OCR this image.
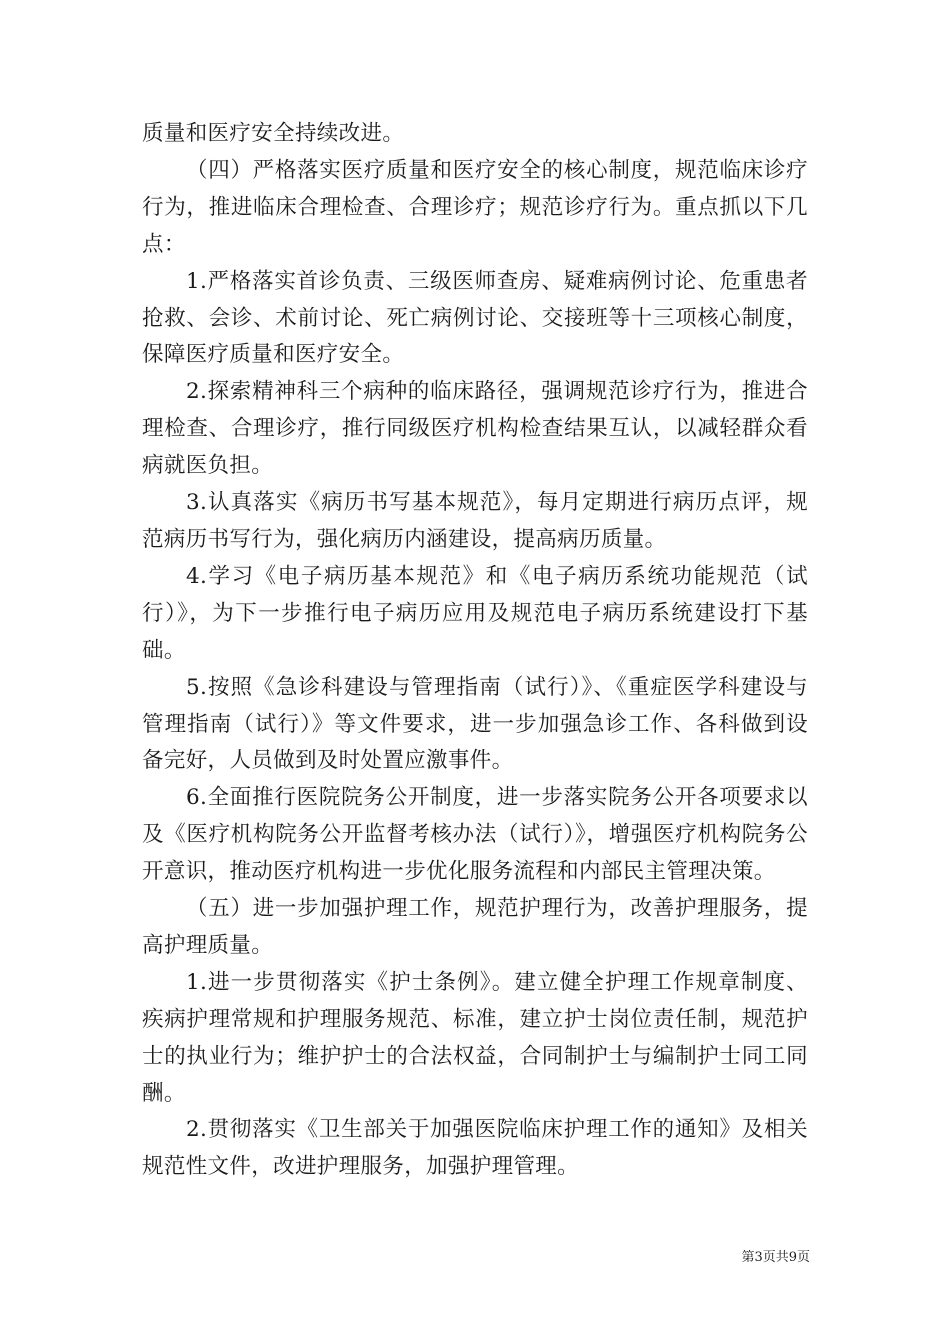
质量和医疗安全持续改进。

（四）严格落实医疗质量和医疗安全的核心制度，规范临床诊疗行为，推进临床合理检查、合理诊疗；规范诊疗行为。重点抓以下几点：

1.严格落实首诊负责、三级医师查房、疑难病例讨论、危重患者抢救、会诊、术前讨论、死亡病例讨论、交接班等十三项核心制度，保障医疗质量和医疗安全。

2.探索精神科三个病种的临床路径，强调规范诊疗行为，推进合理检查、合理诊疗，推行同级医疗机构检查结果互认，以减轻群众看病就医负担。

3.认真落实《病历书写基本规范》，每月定期进行病历点评，规范病历书写行为，强化病历内涵建设，提高病历质量。

4.学习《电子病历基本规范》和《电子病历系统功能规范（试行）》，为下一步推行电子病历应用及规范电子病历系统建设打下基础。

5.按照《急诊科建设与管理指南（试行）》、《重症医学科建设与管理指南（试行）》等文件要求，进一步加强急诊工作、各科做到设备完好，人员做到及时处置应激事件。

6.全面推行医院院务公开制度，进一步落实院务公开各项要求以及《医疗机构院务公开监督考核办法（试行）》，增强医疗机构院务公开意识，推动医疗机构进一步优化服务流程和内部民主管理决策。

（五）进一步加强护理工作，规范护理行为，改善护理服务，提高护理质量。

1.进一步贯彻落实《护士条例》。建立健全护理工作规章制度、疾病护理常规和护理服务规范、标准，建立护士岗位责任制，规范护士的执业行为；维护护士的合法权益，合同制护士与编制护士同工同酬。

2.贯彻落实《卫生部关于加强医院临床护理工作的通知》及相关规范性文件，改进护理服务，加强护理管理。

第3页共9页
